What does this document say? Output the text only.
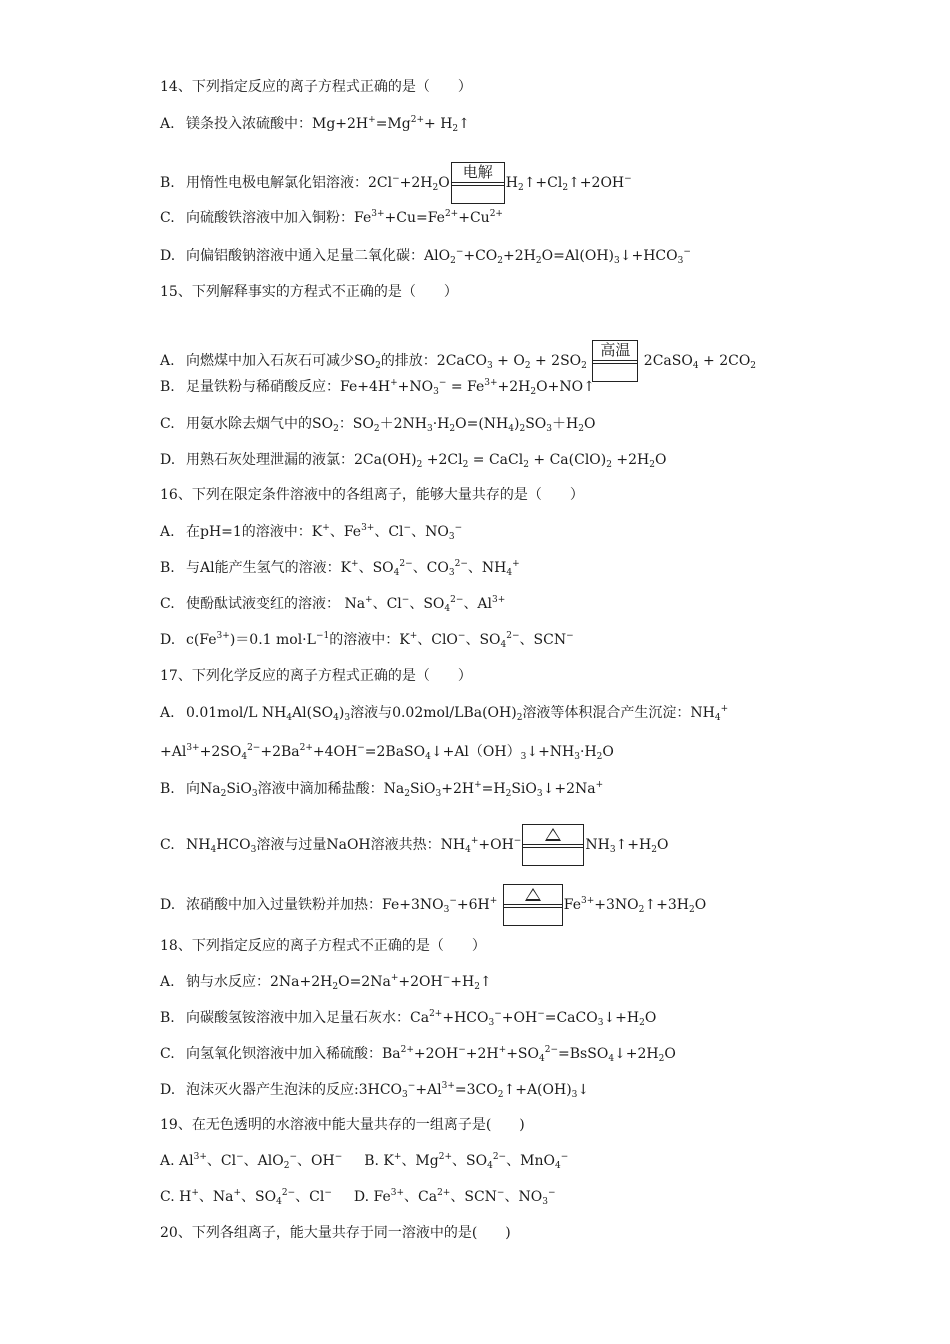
14、下列指定反应的离子方程式正确的是（　　）
A. 镁条投入浓硫酸中：$Mg+2H^+=Mg^{2+}+$ $H_2↑$
B. 用惰性电极电解氯化铝溶液：$2Cl^-+2H_2O$
电解
$H_2↑+Cl_2↑+2OH^-$
C. 向硫酸铁溶液中加入铜粉：$Fe^{3+}+Cu=Fe^{2+}+Cu^{2+}$
D. 向偏铝酸钠溶液中通入足量二氧化碳：$AlO_2^-+CO_2+2H_2O=Al(OH)_3↓+HCO_3^-$
15、下列解释事实的方程式不正确的是（　　）
A. 向燃煤中加入石灰石可减少$SO_2$的排放：2CaCO$_3$ + $O_2 + 2SO_2$
高温
2CaSO$_4$ + $2CO_2$
B. 足量铁粉与稀硝酸反应：$Fe+4H^++NO_3^-$ = $Fe^{3+}+2H_2O+NO↑$
C. 用氨水除去烟气中的$SO_2$：$SO_2+2NH_3\cdot H_2O=(NH_4)_2SO_3+H_2O$
D. 用熟石灰处理泄漏的液氯：$2Ca(OH)_2 +2Cl_2$ = CaCl$_2$ + $Ca(ClO)_2 +2H_2O$
16、下列在限定条件溶液中的各组离子，能够大量共存的是（　　）
A. 在pH=1的溶液中：K+、$Fe^{3+}$、Cl−、$NO_3^-$
B. 与Al能产生氢气的溶液：K+、$SO_4^{2-}$、$CO_3^{2-}$、$NH_4^+$
C. 使酚酞试液变红的溶液： Na+、Cl−、$SO_4^{2-}$、$Al^{3+}$
D. $c(Fe^{3+})=0.1$ $mol\cdot L^{-1}$的溶液中：K+、ClO−、$SO_4^{2-}$、SCN−
17、下列化学反应的离子方程式正确的是（　　）
A. 0.01mol/L $NH_4Al(SO_4)_3$溶液与$0.02mol/LBa(OH)_2$溶液等体积混合产生沉淀：$NH_4^+$
$+Al^{3+}+2SO_4^{2-}+2Ba^{2+}+4OH^-=2BaSO_4↓+Al(OH)_3↓+NH_3\cdot H_2O$
B. 向$Na_2SiO_3$溶液中滴加稀盐酸：$Na_2SiO_3+2H^+=H_2SiO_3↓+2Na^+$
C. $NH_4HCO_3$溶液与过量NaOH溶液共热：$NH_4^++OH^-$	$NH_3↑+H_2O$
D. 浓硝酸中加入过量铁粉并加热：$Fe+3NO_3^-+6H^+$	$Fe^{3+}+3NO_2↑+3H_2O$
18、下列指定反应的离子方程式不正确的是（　　）
A. 钠与水反应：$2Na+2H_2O=2Na^++2OH^-+H_2↑$
B. 向碳酸氢铵溶液中加入足量石灰水：$Ca^{2+}+HCO_3^-+OH^-=CaCO_3↓+H_2O$
C. 向氢氧化钡溶液中加入稀硫酸：$Ba^{2+}+2OH^-+2H^++SO_4^{2-}=BsSO_4↓+2H_2O$
D. 泡沫灭火器产生泡沫的反应$:3HCO_3^-+Al^{3+}=3CO_2↑+A(OH)_3↓$
19、在无色透明的水溶液中能大量共存的一组离子是(　　)
A. $Al^{3+}$、Cl−、AlO$_2$−、OH− B. K+、$Mg^{2+}$、$SO_4^{2-}$、MnO$_4$−
C. H+、Na+、$SO_4^{2-}$、Cl− D. $Fe^{3+}$、$Ca^{2+}$、SCN−、$NO_3^-$
20、下列各组离子，能大量共存于同一溶液中的是(　　)
